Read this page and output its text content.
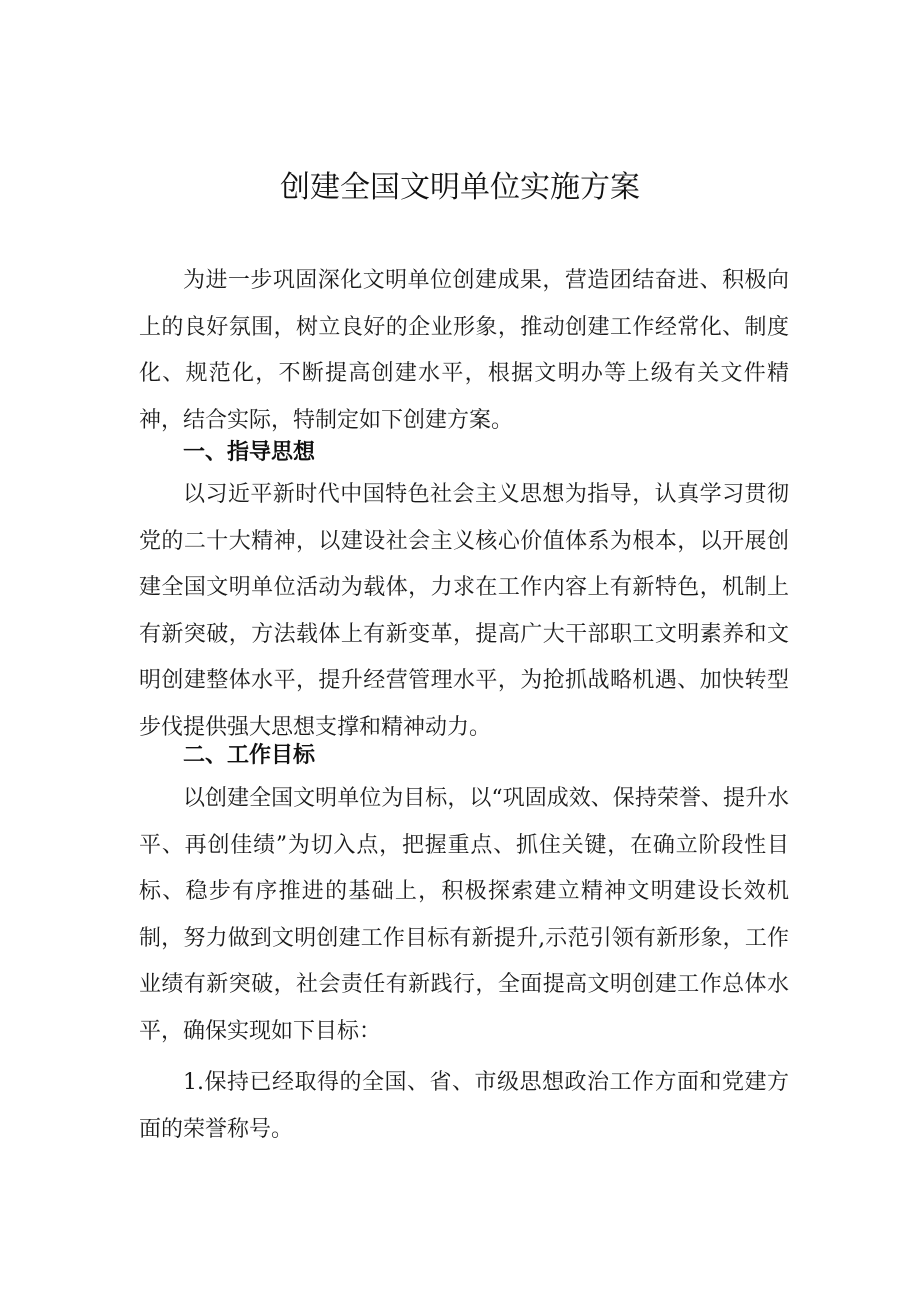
创建全国文明单位实施方案

为进一步巩固深化文明单位创建成果，营造团结奋进、积极向上的良好氛围，树立良好的企业形象，推动创建工作经常化、制度化、规范化，不断提高创建水平，根据文明办等上级有关文件精神，结合实际，特制定如下创建方案。

一、指导思想

以习近平新时代中国特色社会主义思想为指导，认真学习贯彻党的二十大精神，以建设社会主义核心价值体系为根本，以开展创建全国文明单位活动为载体，力求在工作内容上有新特色，机制上有新突破，方法载体上有新变革，提高广大干部职工文明素养和文明创建整体水平，提升经营管理水平，为抢抓战略机遇、加快转型步伐提供强大思想支撑和精神动力。

二、工作目标

以创建全国文明单位为目标，以“巩固成效、保持荣誉、提升水平、再创佳绩”为切入点，把握重点、抓住关键，在确立阶段性目标、稳步有序推进的基础上，积极探索建立精神文明建设长效机制，努力做到文明创建工作目标有新提升,示范引领有新形象，工作业绩有新突破，社会责任有新践行，全面提高文明创建工作总体水平，确保实现如下目标：

1.保持已经取得的全国、省、市级思想政治工作方面和党建方面的荣誉称号。
